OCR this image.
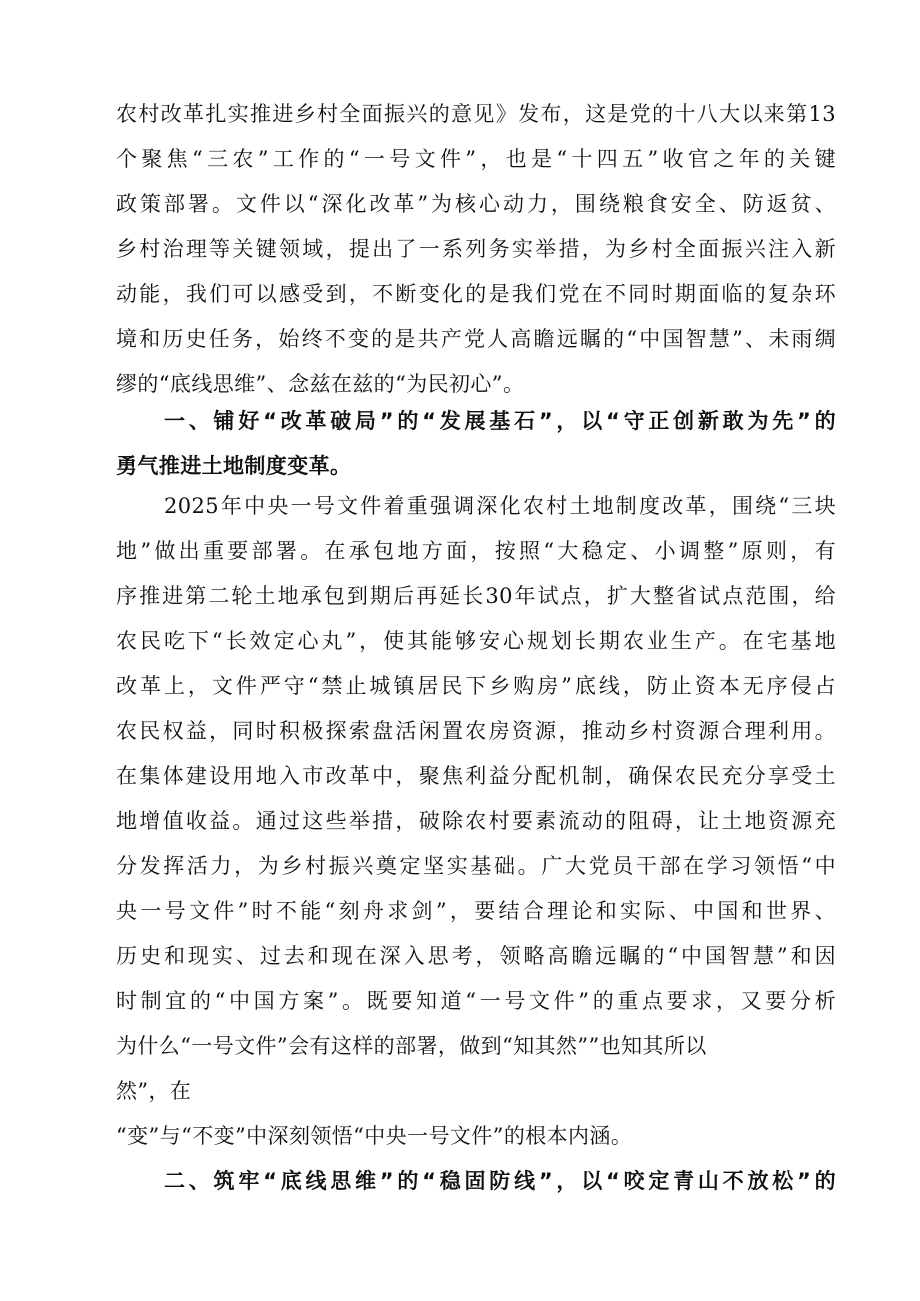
农村改革扎实推进乡村全面振兴的意见》发布，这是党的十八大以来第13
个聚焦“三农”工作的“一号文件”，也是“十四五”收官之年的关键
政策部署。文件以“深化改革”为核心动力，围绕粮食安全、防返贫、
乡村治理等关键领域，提出了一系列务实举措，为乡村全面振兴注入新
动能，我们可以感受到，不断变化的是我们党在不同时期面临的复杂环
境和历史任务，始终不变的是共产党人高瞻远瞩的“中国智慧”、未雨绸
缪的“底线思维”、念兹在兹的“为民初心”。
一、铺好“改革破局”的“发展基石”，以“守正创新敢为先”的
勇气推进土地制度变革。
2025年中央一号文件着重强调深化农村土地制度改革，围绕“三块
地”做出重要部署。在承包地方面，按照“大稳定、小调整”原则，有
序推进第二轮土地承包到期后再延长30年试点，扩大整省试点范围，给
农民吃下“长效定心丸”，使其能够安心规划长期农业生产。在宅基地
改革上，文件严守“禁止城镇居民下乡购房”底线，防止资本无序侵占
农民权益，同时积极探索盘活闲置农房资源，推动乡村资源合理利用。
在集体建设用地入市改革中，聚焦利益分配机制，确保农民充分享受土
地增值收益。通过这些举措，破除农村要素流动的阻碍，让土地资源充
分发挥活力，为乡村振兴奠定坚实基础。广大党员干部在学习领悟“中
央一号文件”时不能“刻舟求剑”，要结合理论和实际、中国和世界、
历史和现实、过去和现在深入思考，领略高瞻远瞩的“中国智慧”和因
时制宜的“中国方案”。既要知道“一号文件”的重点要求，又要分析
为什么“一号文件”会有这样的部署，做到“知其然””也知其所以
然”，在
“变”与“不变”中深刻领悟“中央一号文件”的根本内涵。
二、筑牢“底线思维”的“稳固防线”，以“咬定青山不放松”的
